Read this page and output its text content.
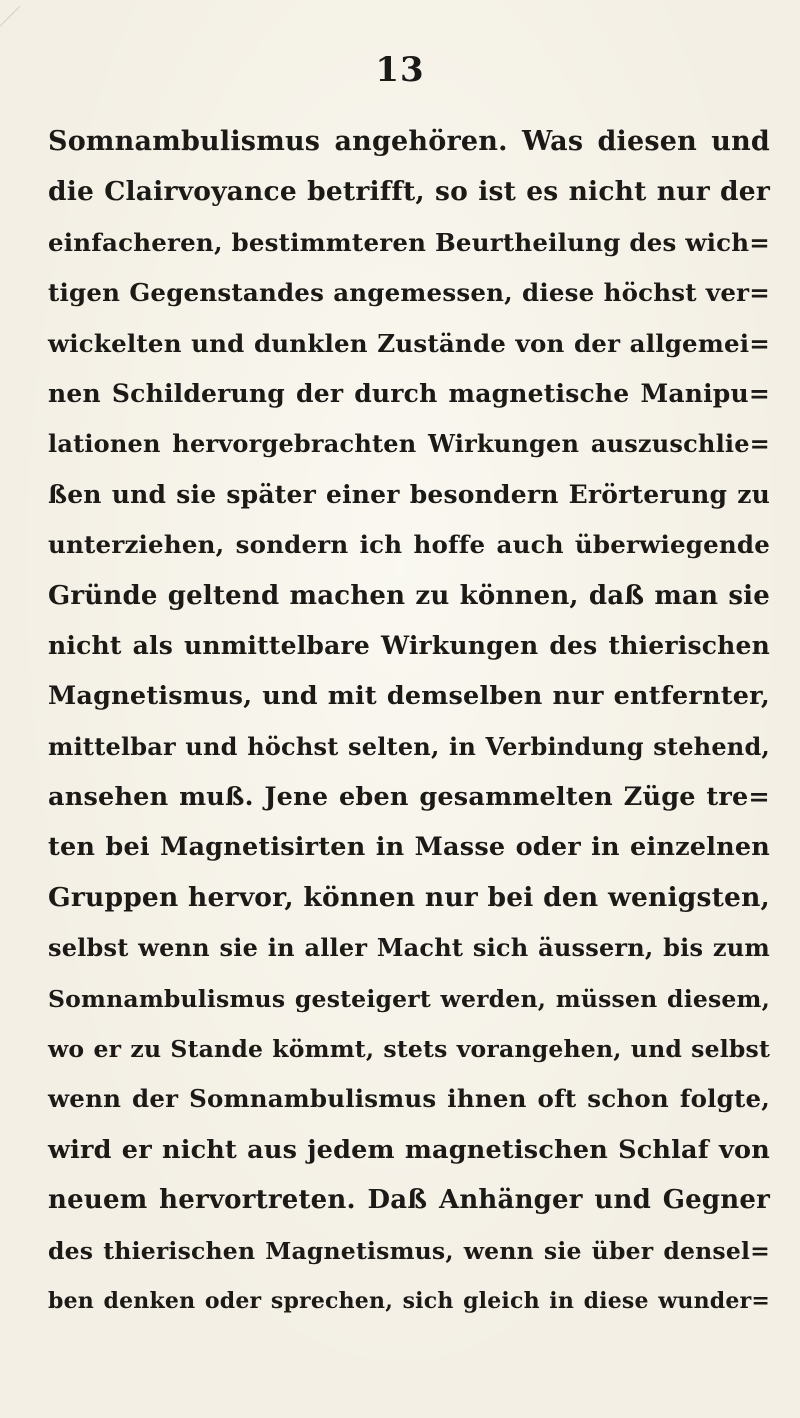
13
Somnambulismus angehören. Was diesen und
die Clairvoyance betrifft, so ist es nicht nur der
einfacheren, bestimmteren Beurtheilung des wich=
tigen Gegenstandes angemessen, diese höchst ver=
wickelten und dunklen Zustände von der allgemei=
nen Schilderung der durch magnetische Manipu=
lationen hervorgebrachten Wirkungen auszuschlie=
ßen und sie später einer besondern Erörterung zu
unterziehen, sondern ich hoffe auch überwiegende
Gründe geltend machen zu können, daß man sie
nicht als unmittelbare Wirkungen des thierischen
Magnetismus, und mit demselben nur entfernter,
mittelbar und höchst selten, in Verbindung stehend,
ansehen muß. Jene eben gesammelten Züge tre=
ten bei Magnetisirten in Masse oder in einzelnen
Gruppen hervor, können nur bei den wenigsten,
selbst wenn sie in aller Macht sich äussern, bis zum
Somnambulismus gesteigert werden, müssen diesem,
wo er zu Stande kömmt, stets vorangehen, und selbst
wenn der Somnambulismus ihnen oft schon folgte,
wird er nicht aus jedem magnetischen Schlaf von
neuem hervortreten. Daß Anhänger und Gegner
des thierischen Magnetismus, wenn sie über densel=
ben denken oder sprechen, sich gleich in diese wunder=
